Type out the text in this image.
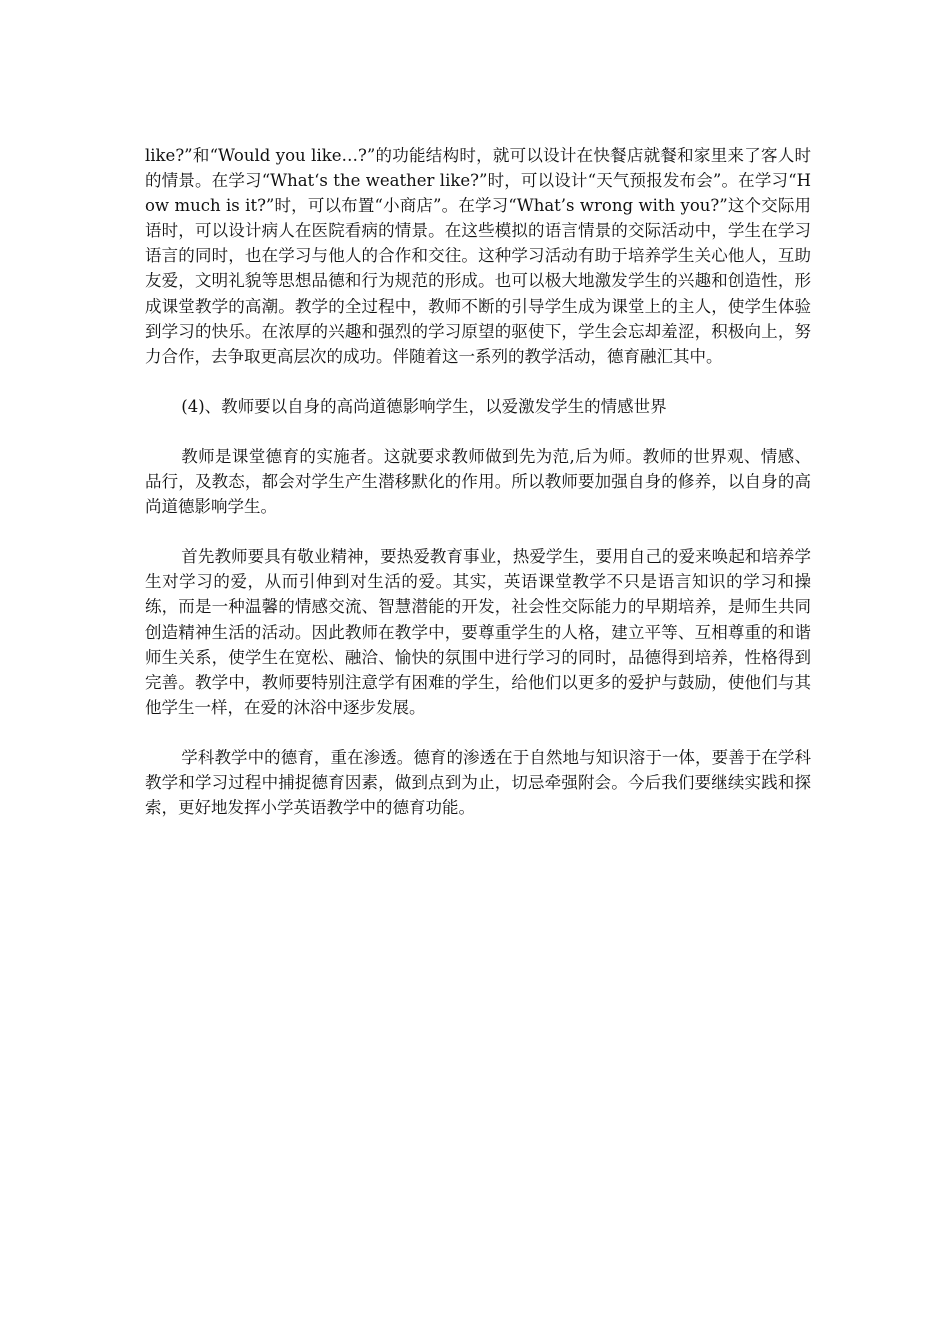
like?”和“Would you like…?”的功能结构时，就可以设计在快餐店就餐和家里来了客人时的情景。在学习“What‘s the weather like?”时，可以设计“天气预报发布会”。在学习“How much is it?”时，可以布置“小商店”。在学习“What’s wrong with you?”这个交际用语时，可以设计病人在医院看病的情景。在这些模拟的语言情景的交际活动中，学生在学习语言的同时，也在学习与他人的合作和交往。这种学习活动有助于培养学生关心他人，互助友爱，文明礼貌等思想品德和行为规范的形成。也可以极大地激发学生的兴趣和创造性，形成课堂教学的高潮。教学的全过程中，教师不断的引导学生成为课堂上的主人，使学生体验到学习的快乐。在浓厚的兴趣和强烈的学习原望的驱使下，学生会忘却羞涩，积极向上，努力合作，去争取更高层次的成功。伴随着这一系列的教学活动，德育融汇其中。

(4)、教师要以自身的高尚道德影响学生，以爱激发学生的情感世界

教师是课堂德育的实施者。这就要求教师做到先为范,后为师。教师的世界观、情感、品行，及教态，都会对学生产生潜移默化的作用。所以教师要加强自身的修养，以自身的高尚道德影响学生。

首先教师要具有敬业精神，要热爱教育事业，热爱学生，要用自己的爱来唤起和培养学生对学习的爱，从而引伸到对生活的爱。其实，英语课堂教学不只是语言知识的学习和操练，而是一种温馨的情感交流、智慧潜能的开发，社会性交际能力的早期培养，是师生共同创造精神生活的活动。因此教师在教学中，要尊重学生的人格，建立平等、互相尊重的和谐师生关系，使学生在宽松、融洽、愉快的氛围中进行学习的同时，品德得到培养，性格得到完善。教学中，教师要特别注意学有困难的学生，给他们以更多的爱护与鼓励，使他们与其他学生一样，在爱的沐浴中逐步发展。

学科教学中的德育，重在渗透。德育的渗透在于自然地与知识溶于一体，要善于在学科教学和学习过程中捕捉德育因素，做到点到为止，切忌牵强附会。今后我们要继续实践和探索，更好地发挥小学英语教学中的德育功能。
